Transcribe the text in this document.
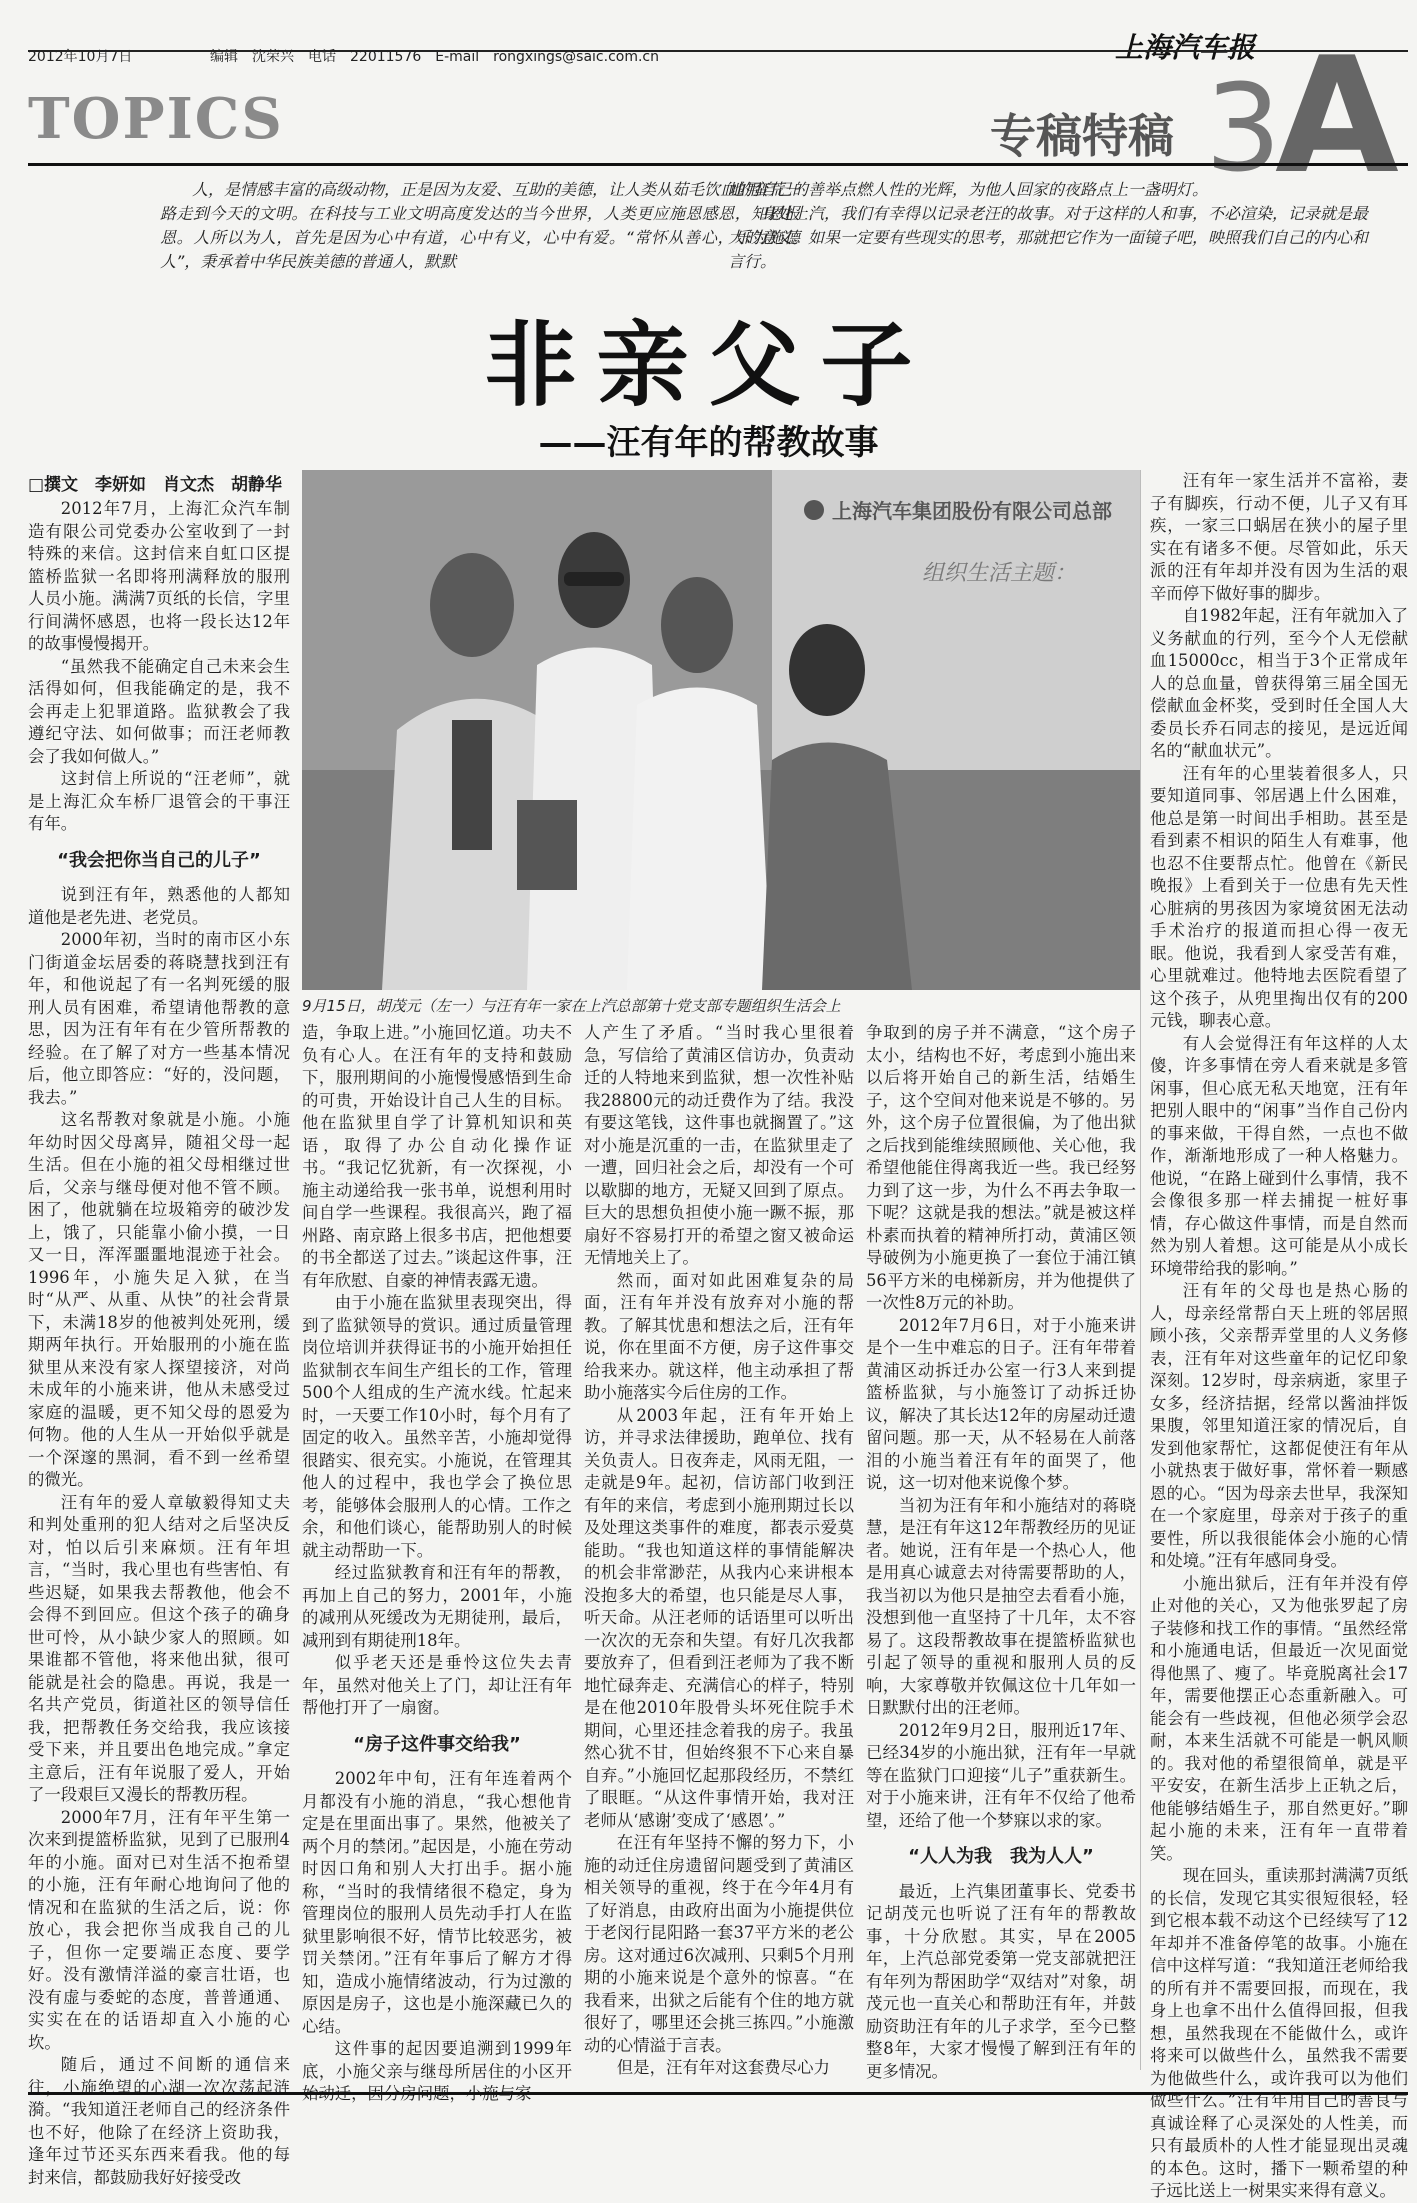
2012年10月7日	编辑　沈荣兴　电话　22011576　E-mail　rongxings@saic.com.cn	上海汽车报
TOPICS	专稿特稿 3
A

人，是情感丰富的高级动物，正是因为友爱、互助的美德，让人类从茹毛饮血的蛮荒一路走到今天的文明。在科技与工业文明高度发达的当今世界，人类更应施恩感恩，知恩报恩。人所以为人，首先是因为心中有道，心中有义，心中有爱。“常怀从善心，乐为施德人”，秉承着中华民族美德的普通人，默默

地用自己的善举点燃人性的光辉，为他人回家的夜路点上一盏明灯。

身处上汽，我们有幸得以记录老汪的故事。对于这样的人和事，不必渲染，记录就是最大的意义。如果一定要有些现实的思考，那就把它作为一面镜子吧，映照我们自己的内心和言行。

非亲父子
——汪有年的帮教故事
□撰文　李妍如　肖文杰　胡静华

2012年7月，上海汇众汽车制造有限公司党委办公室收到了一封特殊的来信。这封信来自虹口区提篮桥监狱一名即将刑满释放的服刑人员小施。满满7页纸的长信，字里行间满怀感恩，也将一段长达12年的故事慢慢揭开。

“虽然我不能确定自己未来会生活得如何，但我能确定的是，我不会再走上犯罪道路。监狱教会了我遵纪守法、如何做事；而汪老师教会了我如何做人。”

这封信上所说的“汪老师”，就是上海汇众车桥厂退管会的干事汪有年。

“我会把你当自己的儿子”

说到汪有年，熟悉他的人都知道他是老先进、老党员。

2000年初，当时的南市区小东门街道金坛居委的蒋晓慧找到汪有年，和他说起了有一名判死缓的服刑人员有困难，希望请他帮教的意思，因为汪有年有在少管所帮教的经验。在了解了对方一些基本情况后，他立即答应：“好的，没问题，我去。”

这名帮教对象就是小施。小施年幼时因父母离异，随祖父母一起生活。但在小施的祖父母相继过世后，父亲与继母便对他不管不顾。困了，他就躺在垃圾箱旁的破沙发上，饿了，只能靠小偷小摸，一日又一日，浑浑噩噩地混迹于社会。1996年，小施失足入狱，在当时“从严、从重、从快”的社会背景下，未满18岁的他被判处死刑，缓期两年执行。开始服刑的小施在监狱里从来没有家人探望接济，对尚未成年的小施来讲，他从未感受过家庭的温暖，更不知父母的恩爱为何物。他的人生从一开始似乎就是一个深邃的黑洞，看不到一丝希望的微光。

汪有年的爱人章敏毅得知丈夫和判处重刑的犯人结对之后坚决反对，怕以后引来麻烦。汪有年坦言，“当时，我心里也有些害怕、有些迟疑，如果我去帮教他，他会不会得不到回应。但这个孩子的确身世可怜，从小缺少家人的照顾。如果谁都不管他，将来他出狱，很可能就是社会的隐患。再说，我是一名共产党员，街道社区的领导信任我，把帮教任务交给我，我应该接受下来，并且要出色地完成。”拿定主意后，汪有年说服了爱人，开始了一段艰巨又漫长的帮教历程。

2000年7月，汪有年平生第一次来到提篮桥监狱，见到了已服刑4年的小施。面对已对生活不抱希望的小施，汪有年耐心地询问了他的情况和在监狱的生活之后，说：你放心，我会把你当成我自己的儿子，但你一定要端正态度、要学好。没有激情洋溢的豪言壮语，也没有虚与委蛇的态度，普普通通、实实在在的话语却直入小施的心坎。

随后，通过不间断的通信来往，小施绝望的心湖一次次荡起涟漪。“我知道汪老师自己的经济条件也不好，他除了在经济上资助我，逢年过节还买东西来看我。他的每封来信，都鼓励我好好接受改

上海汽车集团股份有限公司总部
组织生活主题：
9月15日，胡茂元（左一）与汪有年一家在上汽总部第十党支部专题组织生活会上

造，争取上进。”小施回忆道。功夫不负有心人。在汪有年的支持和鼓励下，服刑期间的小施慢慢感悟到生命的可贵，开始设计自己人生的目标。他在监狱里自学了计算机知识和英语，取得了办公自动化操作证书。“我记忆犹新，有一次探视，小施主动递给我一张书单，说想利用时间自学一些课程。我很高兴，跑了福州路、南京路上很多书店，把他想要的书全都送了过去。”谈起这件事，汪有年欣慰、自豪的神情表露无遗。

由于小施在监狱里表现突出，得到了监狱领导的赏识。通过质量管理岗位培训并获得证书的小施开始担任监狱制衣车间生产组长的工作，管理500个人组成的生产流水线。忙起来时，一天要工作10小时，每个月有了固定的收入。虽然辛苦，小施却觉得很踏实、很充实。小施说，在管理其他人的过程中，我也学会了换位思考，能够体会服刑人的心情。工作之余，和他们谈心，能帮助别人的时候就主动帮助一下。

经过监狱教育和汪有年的帮教，再加上自己的努力，2001年，小施的减刑从死缓改为无期徒刑，最后，减刑到有期徒刑18年。

似乎老天还是垂怜这位失去青年，虽然对他关上了门，却让汪有年帮他打开了一扇窗。

“房子这件事交给我”

2002年中旬，汪有年连着两个月都没有小施的消息，“我心想他肯定是在里面出事了。果然，他被关了两个月的禁闭。”起因是，小施在劳动时因口角和别人大打出手。据小施称，“当时的我情绪很不稳定，身为管理岗位的服刑人员先动手打人在监狱里影响很不好，情节比较恶劣，被罚关禁闭。”汪有年事后了解方才得知，造成小施情绪波动，行为过激的原因是房子，这也是小施深藏已久的心结。

这件事的起因要追溯到1999年底，小施父亲与继母所居住的小区开始动迁，因分房问题，小施与家

人产生了矛盾。“当时我心里很着急，写信给了黄浦区信访办，负责动迁的人特地来到监狱，想一次性补贴我28800元的动迁费作为了结。我没有要这笔钱，这件事也就搁置了。”这对小施是沉重的一击，在监狱里走了一遭，回归社会之后，却没有一个可以歇脚的地方，无疑又回到了原点。巨大的思想负担使小施一蹶不振，那扇好不容易打开的希望之窗又被命运无情地关上了。

然而，面对如此困难复杂的局面，汪有年并没有放弃对小施的帮教。了解其忧患和想法之后，汪有年说，你在里面不方便，房子这件事交给我来办。就这样，他主动承担了帮助小施落实今后住房的工作。

从2003年起，汪有年开始上访，并寻求法律援助，跑单位、找有关负责人。日夜奔走，风雨无阻，一走就是9年。起初，信访部门收到汪有年的来信，考虑到小施刑期过长以及处理这类事件的难度，都表示爱莫能助。“我也知道这样的事情能解决的机会非常渺茫，从我内心来讲根本没抱多大的希望，也只能是尽人事，听天命。从汪老师的话语里可以听出一次次的无奈和失望。有好几次我都要放弃了，但看到汪老师为了我不断地忙碌奔走、充满信心的样子，特别是在他2010年股骨头坏死住院手术期间，心里还挂念着我的房子。我虽然心犹不甘，但始终狠不下心来自暴自弃。”小施回忆起那段经历，不禁红了眼眶。“从这件事情开始，我对汪老师从‘感谢’变成了‘感恩’。”

在汪有年坚持不懈的努力下，小施的动迁住房遗留问题受到了黄浦区相关领导的重视，终于在今年4月有了好消息，由政府出面为小施提供位于老闵行昆阳路一套37平方米的老公房。这对通过6次减刑、只剩5个月刑期的小施来说是个意外的惊喜。“在我看来，出狱之后能有个住的地方就很好了，哪里还会挑三拣四。”小施激动的心情溢于言表。

但是，汪有年对这套费尽心力

争取到的房子并不满意，“这个房子太小，结构也不好，考虑到小施出来以后将开始自己的新生活，结婚生子，这个空间对他来说是不够的。另外，这个房子位置很偏，为了他出狱之后找到能维续照顾他、关心他，我希望他能住得离我近一些。我已经努力到了这一步，为什么不再去争取一下呢？这就是我的想法。”就是被这样朴素而执着的精神所打动，黄浦区领导破例为小施更换了一套位于浦江镇56平方米的电梯新房，并为他提供了一次性8万元的补助。

2012年7月6日，对于小施来讲是个一生中难忘的日子。汪有年带着黄浦区动拆迁办公室一行3人来到提篮桥监狱，与小施签订了动拆迁协议，解决了其长达12年的房屋动迁遗留问题。那一天，从不轻易在人前落泪的小施当着汪有年的面哭了，他说，这一切对他来说像个梦。

当初为汪有年和小施结对的蒋晓慧，是汪有年这12年帮教经历的见证者。她说，汪有年是一个热心人，他是用真心诚意去对待需要帮助的人，我当初以为他只是抽空去看看小施，没想到他一直坚持了十几年，太不容易了。这段帮教故事在提篮桥监狱也引起了领导的重视和服刑人员的反响，大家尊敬并钦佩这位十几年如一日默默付出的汪老师。

2012年9月2日，服刑近17年、已经34岁的小施出狱，汪有年一早就等在监狱门口迎接“儿子”重获新生。对于小施来讲，汪有年不仅给了他希望，还给了他一个梦寐以求的家。

“人人为我　我为人人”

最近，上汽集团董事长、党委书记胡茂元也听说了汪有年的帮教故事，十分欣慰。其实，早在2005年，上汽总部党委第一党支部就把汪有年列为帮困助学“双结对”对象，胡茂元也一直关心和帮助汪有年，并鼓励资助汪有年的儿子求学，至今已整整8年，大家才慢慢了解到汪有年的更多情况。

汪有年一家生活并不富裕，妻子有脚疾，行动不便，儿子又有耳疾，一家三口蜗居在狭小的屋子里实在有诸多不便。尽管如此，乐天派的汪有年却并没有因为生活的艰辛而停下做好事的脚步。

自1982年起，汪有年就加入了义务献血的行列，至今个人无偿献血15000cc，相当于3个正常成年人的总血量，曾获得第三届全国无偿献血金杯奖，受到时任全国人大委员长乔石同志的接见，是远近闻名的“献血状元”。

汪有年的心里装着很多人，只要知道同事、邻居遇上什么困难，他总是第一时间出手相助。甚至是看到素不相识的陌生人有难事，他也忍不住要帮点忙。他曾在《新民晚报》上看到关于一位患有先天性心脏病的男孩因为家境贫困无法动手术治疗的报道而担心得一夜无眠。他说，我看到人家受苦有难，心里就难过。他特地去医院看望了这个孩子，从兜里掏出仅有的200元钱，聊表心意。

有人会觉得汪有年这样的人太傻，许多事情在旁人看来就是多管闲事，但心底无私天地宽，汪有年把别人眼中的“闲事”当作自己份内的事来做，干得自然，一点也不做作，渐渐地形成了一种人格魅力。他说，“在路上碰到什么事情，我不会像很多那一样去捕捉一桩好事情，存心做这件事情，而是自然而然为别人着想。这可能是从小成长环境带给我的影响。”

汪有年的父母也是热心肠的人，母亲经常帮白天上班的邻居照顾小孩，父亲帮弄堂里的人义务修表，汪有年对这些童年的记忆印象深刻。12岁时，母亲病逝，家里子女多，经济拮据，经常以酱油拌饭果腹，邻里知道汪家的情况后，自发到他家帮忙，这都促使汪有年从小就热衷于做好事，常怀着一颗感恩的心。“因为母亲去世早，我深知在一个家庭里，母亲对于孩子的重要性，所以我很能体会小施的心情和处境。”汪有年感同身受。

小施出狱后，汪有年并没有停止对他的关心，又为他张罗起了房子装修和找工作的事情。“虽然经常和小施通电话，但最近一次见面觉得他黑了、瘦了。毕竟脱离社会17年，需要他摆正心态重新融入。可能会有一些歧视，但他必须学会忍耐，本来生活就不可能是一帆风顺的。我对他的希望很简单，就是平平安安，在新生活步上正轨之后，他能够结婚生子，那自然更好。”聊起小施的未来，汪有年一直带着笑。

现在回头，重读那封满满7页纸的长信，发现它其实很短很轻，轻到它根本载不动这个已经续写了12年却并不准备停笔的故事。小施在信中这样写道：“我知道汪老师给我的所有并不需要回报，而现在，我身上也拿不出什么值得回报，但我想，虽然我现在不能做什么，或许将来可以做些什么，虽然我不需要为他做些什么，或许我可以为他们做些什么。”汪有年用自己的善良与真诚诠释了心灵深处的人性美，而只有最质朴的人性才能显现出灵魂的本色。这时，播下一颗希望的种子远比送上一树果实来得有意义。
